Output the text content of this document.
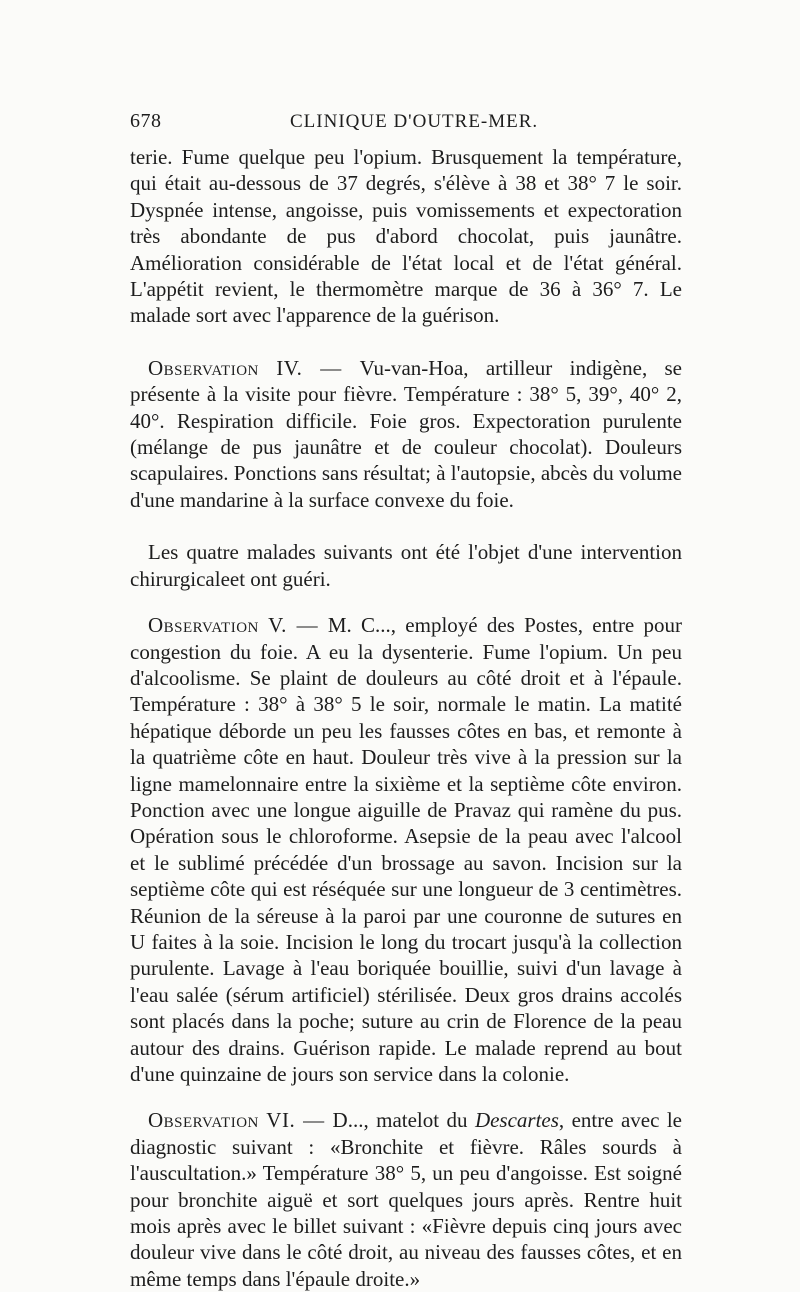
678	CLINIQUE D'OUTRE-MER.

terie. Fume quelque peu l'opium. Brusquement la température, qui était au-dessous de 37 degrés, s'élève à 38 et 38° 7 le soir. Dyspnée intense, angoisse, puis vomissements et expectoration très abondante de pus d'abord chocolat, puis jaunâtre. Amélioration considérable de l'état local et de l'état général. L'appétit revient, le thermomètre marque de 36 à 36° 7. Le malade sort avec l'apparence de la guérison.

Observation IV. — Vu-van-Hoa, artilleur indigène, se présente à la visite pour fièvre. Température : 38° 5, 39°, 40° 2, 40°. Respiration difficile. Foie gros. Expectoration purulente (mélange de pus jaunâtre et de couleur chocolat). Douleurs scapulaires. Ponctions sans résultat; à l'autopsie, abcès du volume d'une mandarine à la surface convexe du foie.

Les quatre malades suivants ont été l'objet d'une intervention chirurgicaleet ont guéri.

Observation V. — M. C..., employé des Postes, entre pour congestion du foie. A eu la dysenterie. Fume l'opium. Un peu d'alcoolisme. Se plaint de douleurs au côté droit et à l'épaule. Température : 38° à 38° 5 le soir, normale le matin. La matité hépatique déborde un peu les fausses côtes en bas, et remonte à la quatrième côte en haut. Douleur très vive à la pression sur la ligne mamelonnaire entre la sixième et la septième côte environ. Ponction avec une longue aiguille de Pravaz qui ramène du pus. Opération sous le chloroforme. Asepsie de la peau avec l'alcool et le sublimé précédée d'un brossage au savon. Incision sur la septième côte qui est réséquée sur une longueur de 3 centimètres. Réunion de la séreuse à la paroi par une couronne de sutures en U faites à la soie. Incision le long du trocart jusqu'à la collection purulente. Lavage à l'eau boriquée bouillie, suivi d'un lavage à l'eau salée (sérum artificiel) stérilisée. Deux gros drains accolés sont placés dans la poche; suture au crin de Florence de la peau autour des drains. Guérison rapide. Le malade reprend au bout d'une quinzaine de jours son service dans la colonie.

Observation VI. — D..., matelot du Descartes, entre avec le diagnostic suivant : «Bronchite et fièvre. Râles sourds à l'auscultation.» Température 38° 5, un peu d'angoisse. Est soigné pour bronchite aiguë et sort quelques jours après. Rentre huit mois après avec le billet suivant : «Fièvre depuis cinq jours avec douleur vive dans le côté droit, au niveau des fausses côtes, et en même temps dans l'épaule droite.»
